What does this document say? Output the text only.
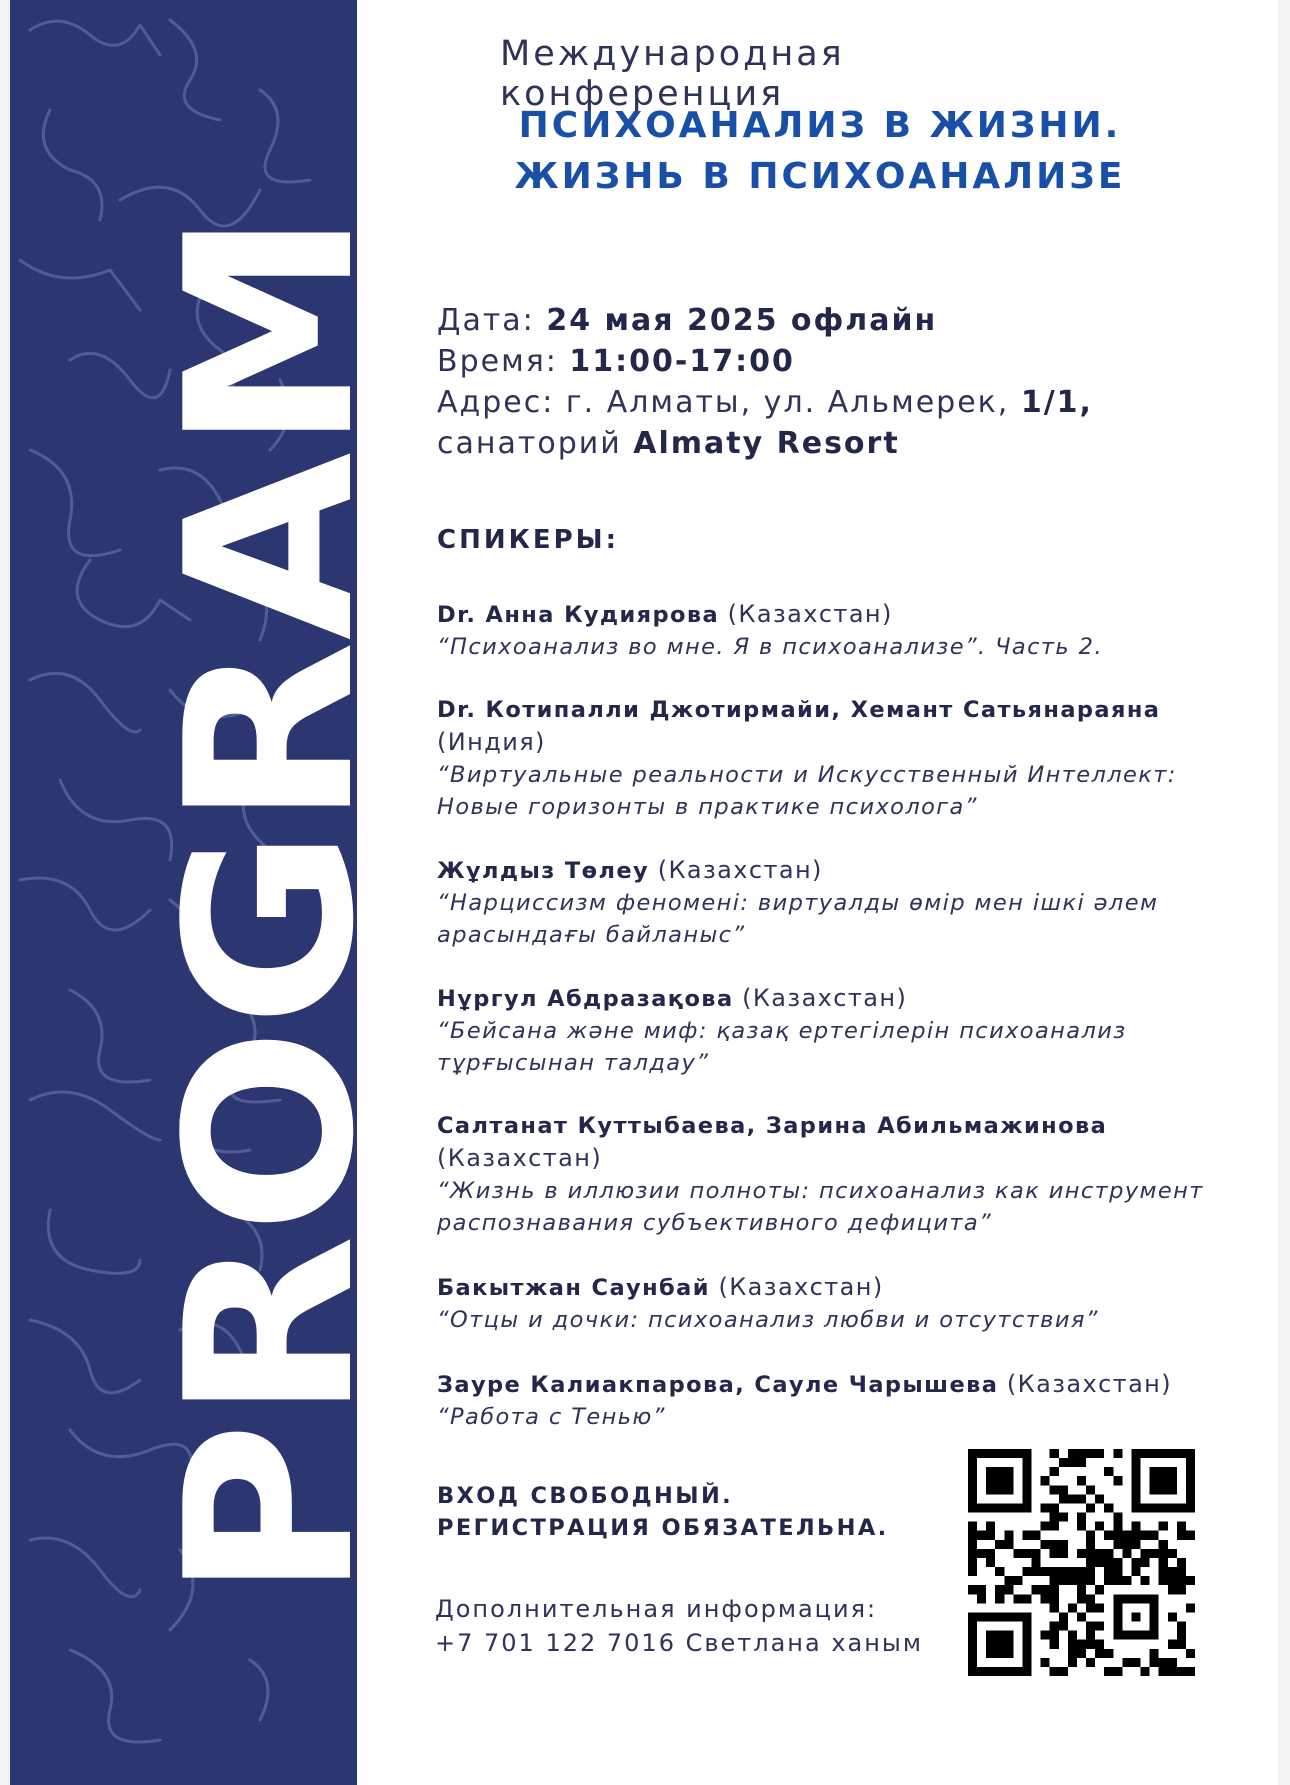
PROGRAM
Международная конференция
ПСИХОАНАЛИЗ В ЖИЗНИ.
ЖИЗНЬ В ПСИХОАНАЛИЗЕ
Дата: 24 мая 2025 офлайн
Время: 11:00-17:00
Адрес: г. Алматы, ул. Альмерек, 1/1,
санаторий Almaty Resort
СПИКЕРЫ:
Dr. Анна Кудиярова (Казахстан)
“Психоанализ во мне. Я в психоанализе”. Часть 2.
Dr. Котипалли Джотирмайи, Хемант Сатьянараяна
(Индия)
“Виртуальные реальности и Искусственный Интеллект: Новые горизонты в практике психолога”
Жұлдыз Төлеу (Казахстан)
“Нарциссизм феномені: виртуалды өмір мен ішкі әлем арасындағы байланыс”
Нұргул Абдразақова (Казахстан)
“Бейсана және миф: қазақ ертегілерін психоанализ тұрғысынан талдау”
Салтанат Куттыбаева, Зарина Абильмажинова
(Казахстан)
“Жизнь в иллюзии полноты: психоанализ как инструмент распознавания субъективного дефицита”
Бакытжан Саунбай (Казахстан)
“Отцы и дочки: психоанализ любви и отсутствия”
Зауре Калиакпарова, Сауле Чарышева (Казахстан)
“Работа с Тенью”
ВХОД СВОБОДНЫЙ.
РЕГИСТРАЦИЯ ОБЯЗАТЕЛЬНА.
Дополнительная информация:
+7 701 122 7016 Светлана ханым
